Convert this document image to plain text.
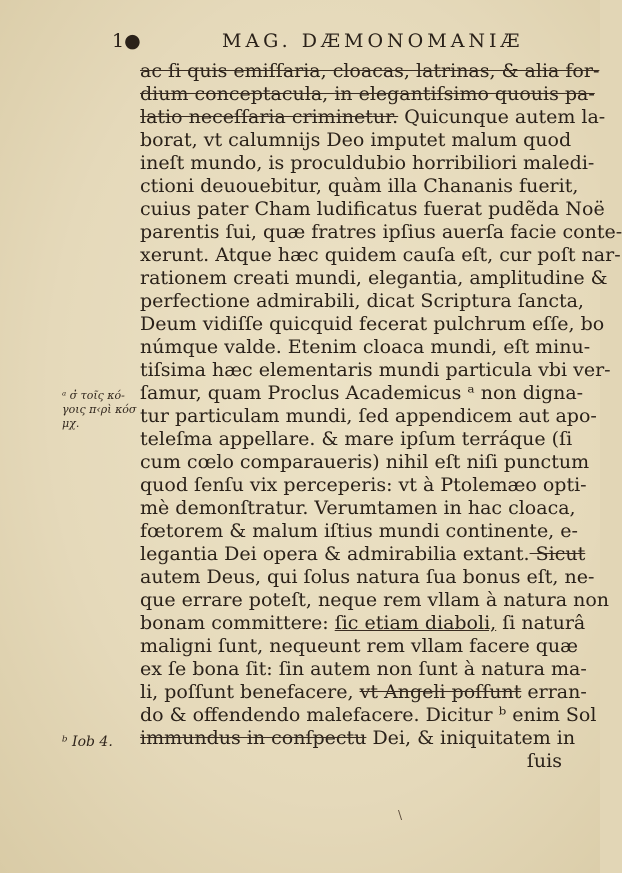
1●	MAG. DÆMONOMANIÆ
ac ſi quis emiſſaria, cloacas, latrinas, & alia for-
dium conceptacula, in elegantiſsimo quouis pa-
latio neceſſaria criminetur. Quicunque autem la-
borat, vt calumnijs Deo imputet malum quod
ineſt mundo, is proculdubio horribiliori maledi-
ctioni deuouebitur, quàm illa Chananis fuerit,
cuius pater Cham ludificatus fuerat pudẽda Noë
parentis ſui, quæ fratres ipſius auerſa facie conte-
xerunt. Atque hæc quidem cauſa eſt, cur poſt nar-
rationem creati mundi, elegantia, amplitudine &
perfectione admirabili, dicat Scriptura ſancta,
Deum vidiſſe quicquid fecerat pulchrum eſſe, bo
númque valde. Etenim cloaca mundi, eſt minu-
tiſsima hæc elementaris mundi particula vbi ver-
ſamur, quam Proclus Academicus ᵃ non digna-
tur particulam mundi, ſed appendicem aut apo-
teleſma appellare. & mare ipſum terráque (ſi
cum cœlo comparaueris) nihil eſt niſi punctum
quod ſenſu vix perceperis: vt à Ptolemæo opti-
mè demonſtratur. Verumtamen in hac cloaca,
fœtorem & malum iſtius mundi continente, e-
legantia Dei opera & admirabilia extant. Sicut
autem Deus, qui ſolus natura ſua bonus eſt, ne-
que errare poteſt, neque rem vllam à natura non
bonam committere: ſic etiam diaboli, ſi naturâ
maligni ſunt, nequeunt rem vllam facere quæ
ex ſe bona ſit: ſin autem non ſunt à natura ma-
li, poſſunt benefacere, vt Angeli poſſunt erran-
do & offendendo malefacere. Dicitur ᵇ enim Sol
immundus in conſpectu Dei, & iniquitatem in
ſuis
ᵃ σ̓ τοῖς κό- γοις π‹ρὶ κόσ μχ.
ᵇ Iob 4.
\
